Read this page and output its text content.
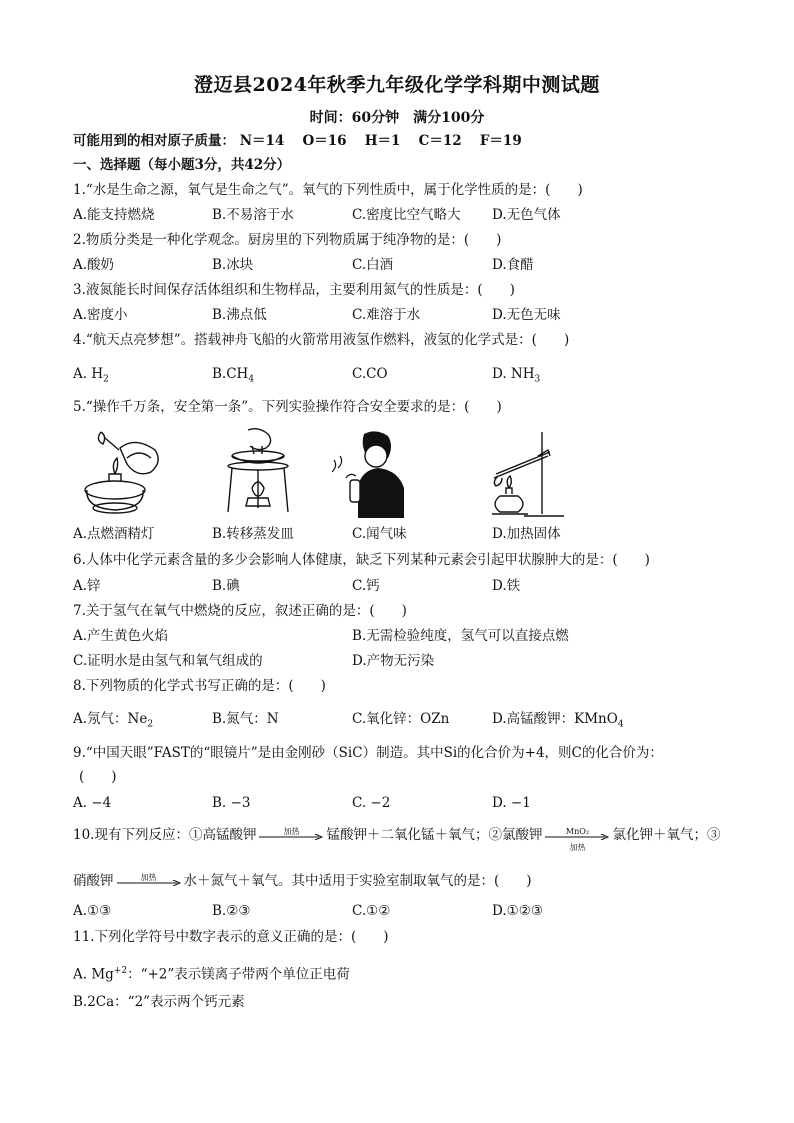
澄迈县2024年秋季九年级化学学科期中测试题
时间：60分钟　满分100分
可能用到的相对原子质量： N＝14　 O＝16　 H＝1　 C＝12　 F＝19
一、选择题（每小题3分，共42分）
1.“水是生命之源，氧气是生命之气”。氧气的下列性质中，属于化学性质的是：(　　)
A.能支持燃烧	B.不易溶于水	C.密度比空气略大 D.无色气体
2.物质分类是一种化学观念。厨房里的下列物质属于纯净物的是：(　　)
A.酸奶	B.冰块	C.白酒	D.食醋
3.液氮能长时间保存活体组织和生物样品，主要利用氮气的性质是：(　　)
A.密度小	B.沸点低	C.难溶于水	D.无色无味
4.“航天点亮梦想”。搭载神舟飞船的火箭常用液氢作燃料，液氢的化学式是：(　　)
A. $H_2$	$B.CH_4$	C.CO	D. $NH_3$
5.“操作千万条，安全第一条”。下列实验操作符合安全要求的是：(　　)
A.点燃酒精灯	B.转移蒸发皿	C.闻气味	D.加热固体
6.人体中化学元素含量的多少会影响人体健康，缺乏下列某种元素会引起甲状腺肿大的是：(　　)
A.锌	B.碘	C.钙	D.铁
7.关于氢气在氧气中燃烧的反应，叙述正确的是：(　　)
A.产生黄色火焰	B.无需检验纯度，氢气可以直接点燃
C.证明水是由氢气和氧气组成的	D.产物无污染
8.下列物质的化学式书写正确的是：(　　)
A.氖气：$Ne_2$	B.氮气：N	C.氧化锌：OZn	D.高锰酸钾：KMnO$_4$
9.“中国天眼”FAST的“眼镜片”是由金刚砂（SiC）制造。其中Si的化合价为+4，则C的化合价为：
(　　)
A. −4	B. −3	C. −2	D. −1
10.现有下列反应：①高锰酸钾	加热	锰酸钾＋二氧化锰＋氧气；②氯酸钾	MnO₂
加热
氯化钾＋氧气；③
硝酸钾	加热	水＋氮气＋氧气。其中适用于实验室制取氧气的是：(　　)
A.①③	B.②③	C.①②	D.①②③
11.下列化学符号中数字表示的意义正确的是：(　　)
A. $Mg^{+2}$：“+2”表示镁离子带两个单位正电荷
B.2Ca：“2”表示两个钙元素
